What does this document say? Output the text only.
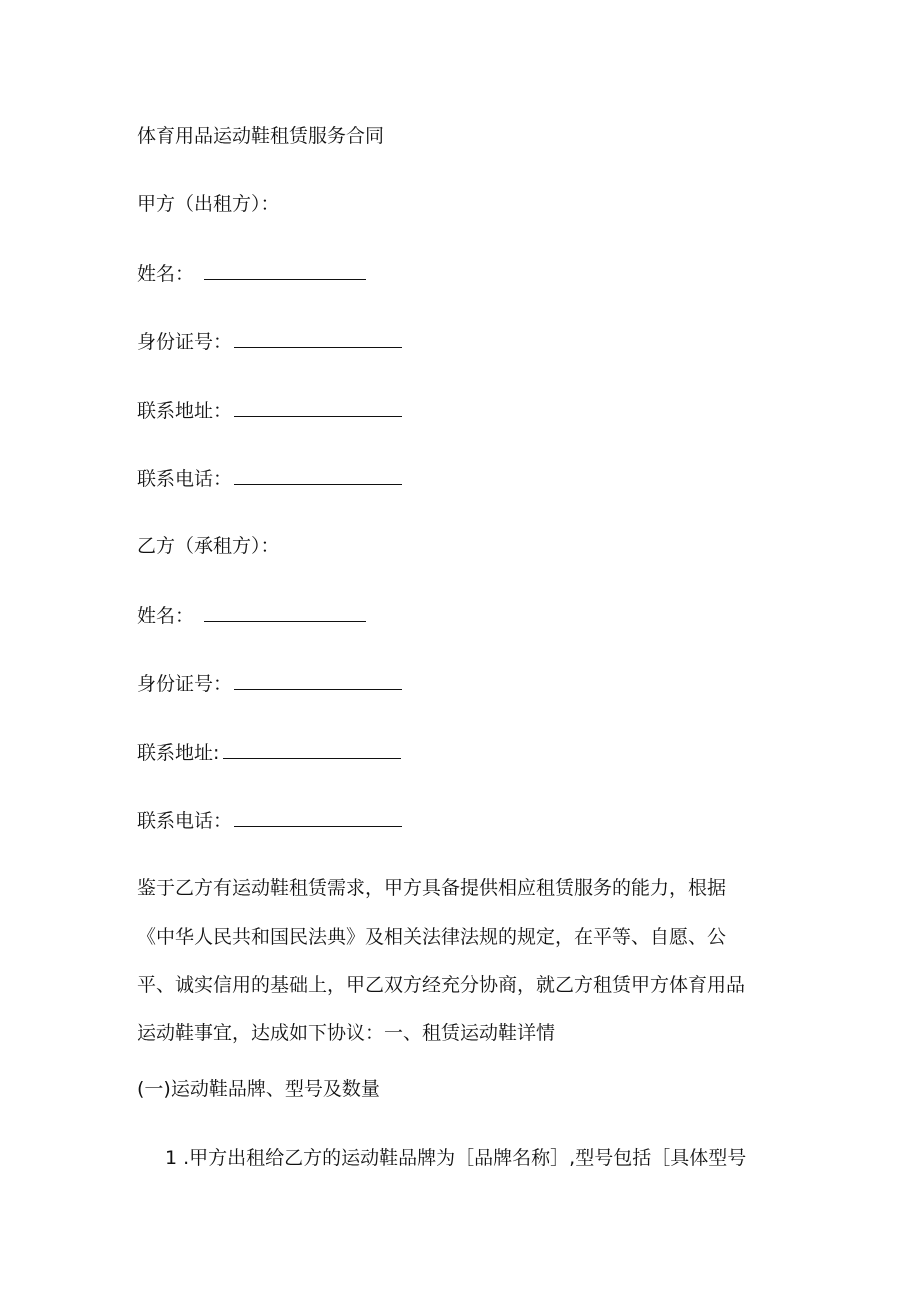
体育用品运动鞋租赁服务合同
甲方（出租方）：
姓名：
身份证号：
联系地址：
联系电话：
乙方（承租方）：
姓名：
身份证号：
联系地址:
联系电话：
鉴于乙方有运动鞋租赁需求，甲方具备提供相应租赁服务的能力，根据
《中华人民共和国民法典》及相关法律法规的规定，在平等、自愿、公
平、诚实信用的基础上，甲乙双方经充分协商，就乙方租赁甲方体育用品
运动鞋事宜，达成如下协议：一、租赁运动鞋详情
(一)运动鞋品牌、型号及数量
1 .甲方出租给乙方的运动鞋品牌为［品牌名称］,型号包括［具体型号
